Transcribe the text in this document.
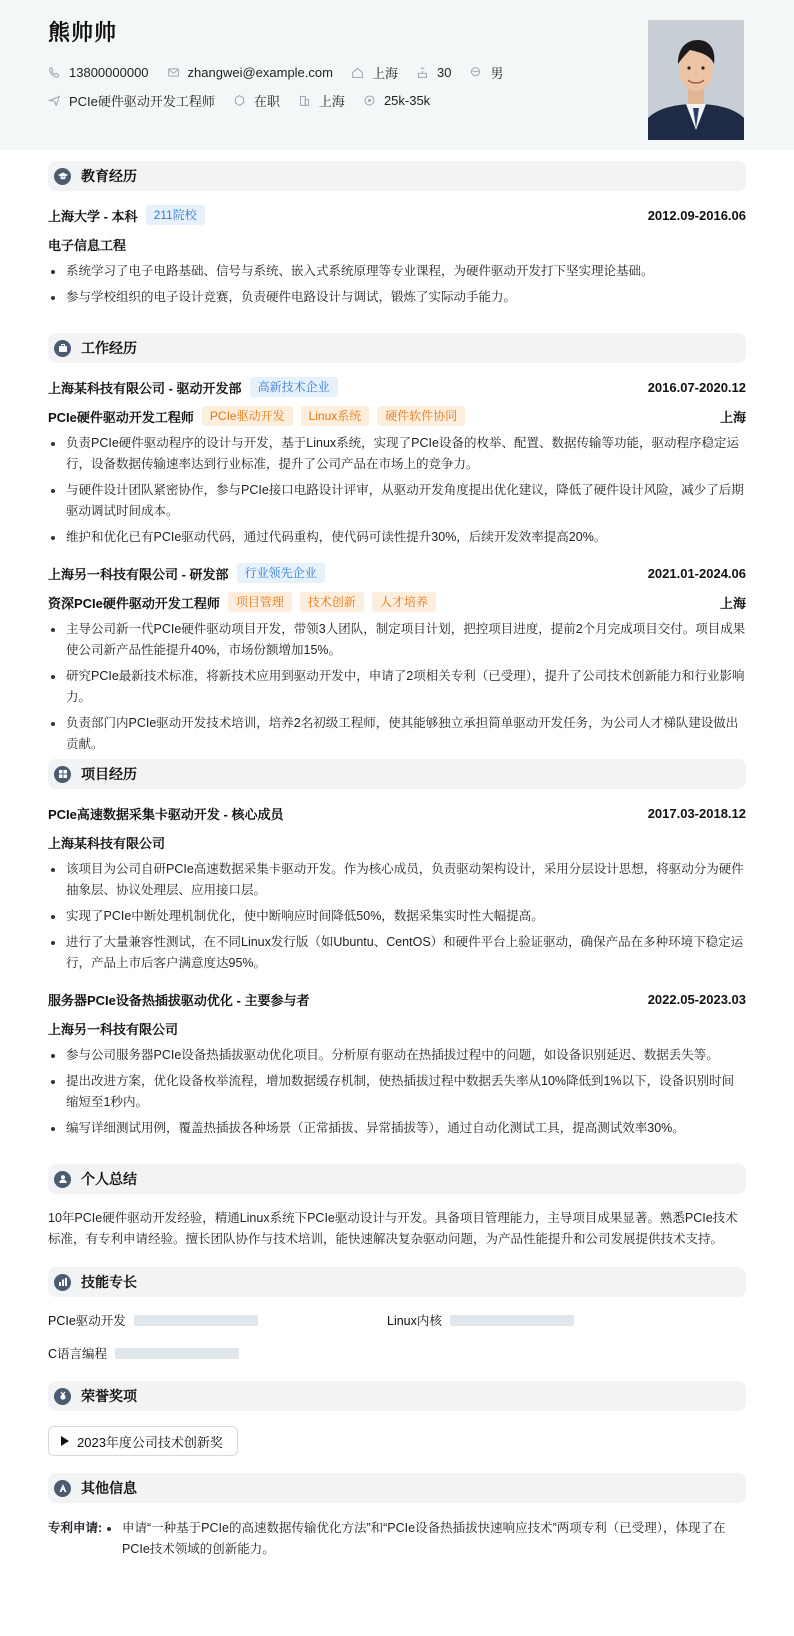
熊帅帅
13800000000	zhangwei@example.com	上海	30	男
PCIe硬件驱动开发工程师	在职	上海	25k-35k
教育经历
上海大学 - 本科	211院校	2012.09-2016.06
电子信息工程
系统学习了电子电路基础、信号与系统、嵌入式系统原理等专业课程，为硬件驱动开发打下坚实理论基础。
参与学校组织的电子设计竞赛，负责硬件电路设计与调试，锻炼了实际动手能力。
工作经历
上海某科技有限公司 - 驱动开发部	高新技术企业	2016.07-2020.12
PCIe硬件驱动开发工程师	PCIe驱动开发	Linux系统	硬件软件协同	上海
负责PCIe硬件驱动程序的设计与开发，基于Linux系统，实现了PCIe设备的枚举、配置、数据传输等功能，驱动程序稳定运行，设备数据传输速率达到行业标准，提升了公司产品在市场上的竞争力。
与硬件设计团队紧密协作，参与PCIe接口电路设计评审，从驱动开发角度提出优化建议，降低了硬件设计风险，减少了后期驱动调试时间成本。
维护和优化已有PCIe驱动代码，通过代码重构，使代码可读性提升30%，后续开发效率提高20%。
上海另一科技有限公司 - 研发部	行业领先企业	2021.01-2024.06
资深PCIe硬件驱动开发工程师	项目管理	技术创新	人才培养	上海
主导公司新一代PCIe硬件驱动项目开发，带领3人团队，制定项目计划，把控项目进度，提前2个月完成项目交付。项目成果使公司新产品性能提升40%，市场份额增加15%。
研究PCIe最新技术标准，将新技术应用到驱动开发中，申请了2项相关专利（已受理），提升了公司技术创新能力和行业影响力。
负责部门内PCIe驱动开发技术培训，培养2名初级工程师，使其能够独立承担简单驱动开发任务，为公司人才梯队建设做出贡献。
项目经历
PCIe高速数据采集卡驱动开发 - 核心成员	2017.03-2018.12
上海某科技有限公司
该项目为公司自研PCIe高速数据采集卡驱动开发。作为核心成员，负责驱动架构设计，采用分层设计思想，将驱动分为硬件抽象层、协议处理层、应用接口层。
实现了PCIe中断处理机制优化，使中断响应时间降低50%，数据采集实时性大幅提高。
进行了大量兼容性测试，在不同Linux发行版（如Ubuntu、CentOS）和硬件平台上验证驱动，确保产品在多种环境下稳定运行，产品上市后客户满意度达95%。
服务器PCIe设备热插拔驱动优化 - 主要参与者	2022.05-2023.03
上海另一科技有限公司
参与公司服务器PCIe设备热插拔驱动优化项目。分析原有驱动在热插拔过程中的问题，如设备识别延迟、数据丢失等。
提出改进方案，优化设备枚举流程，增加数据缓存机制，使热插拔过程中数据丢失率从10%降低到1%以下，设备识别时间缩短至1秒内。
编写详细测试用例，覆盖热插拔各种场景（正常插拔、异常插拔等），通过自动化测试工具，提高测试效率30%。
个人总结
10年PCIe硬件驱动开发经验，精通Linux系统下PCIe驱动设计与开发。具备项目管理能力，主导项目成果显著。熟悉PCIe技术标准，有专利申请经验。擅长团队协作与技术培训，能快速解决复杂驱动问题，为产品性能提升和公司发展提供技术支持。
技能专长
PCIe驱动开发	Linux内核
C语言编程
荣誉奖项
2023年度公司技术创新奖
其他信息
专利申请:	申请“一种基于PCIe的高速数据传输优化方法”和“PCIe设备热插拔快速响应技术”两项专利（已受理），体现了在PCIe技术领域的创新能力。
